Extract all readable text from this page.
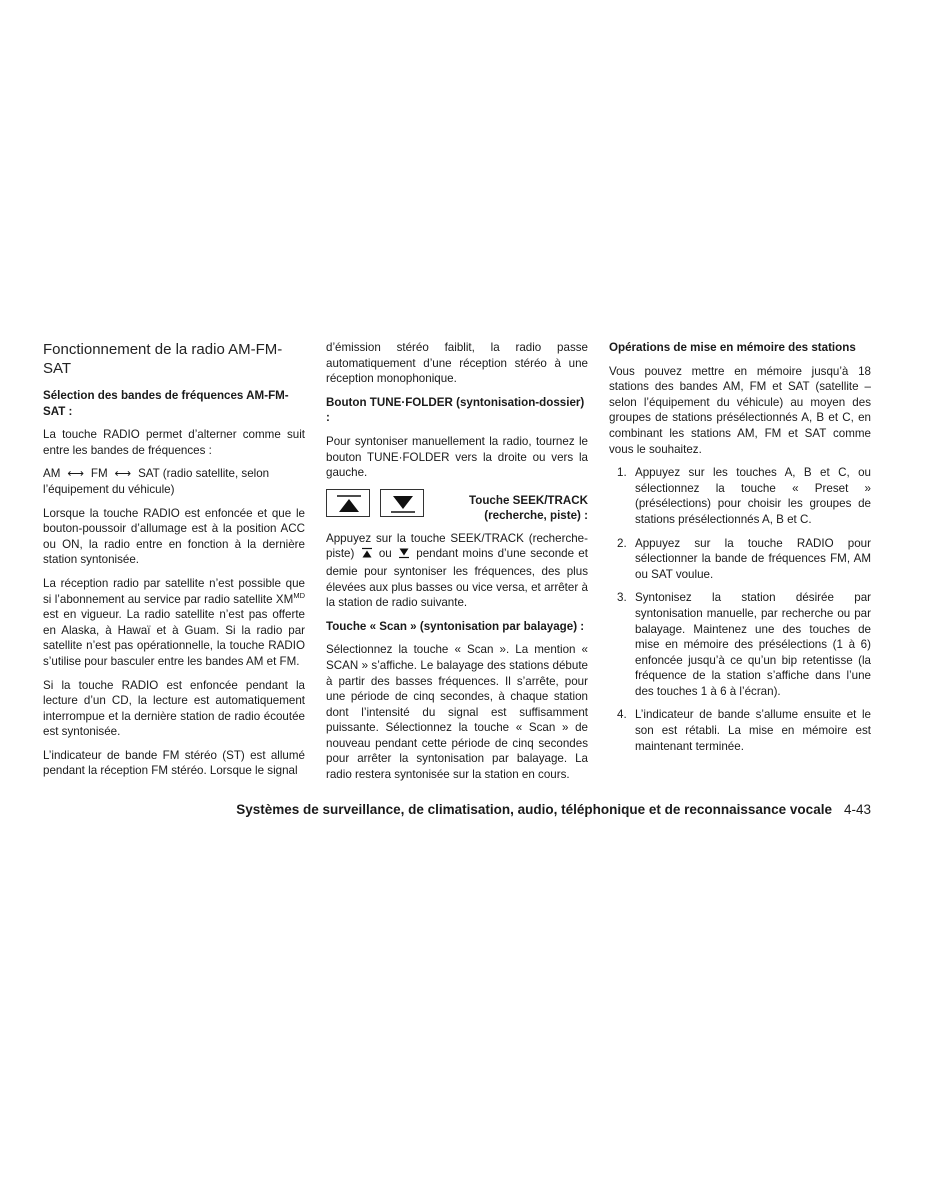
Fonctionnement de la radio AM-FM-SAT
Sélection des bandes de fréquences AM-FM-SAT :

La touche RADIO permet d’alterner comme suit entre les bandes de fréquences :

AM ⟷ FM ⟷ SAT (radio satellite, selon l’équipement du véhicule)

Lorsque la touche RADIO est enfoncée et que le bouton-poussoir d’allumage est à la position ACC ou ON, la radio entre en fonction à la dernière station syntonisée.

La réception radio par satellite n’est possible que si l’abonnement au service par radio satellite $XM^{MD}$ est en vigueur. La radio satellite n’est pas offerte en Alaska, à Hawaï et à Guam. Si la radio par satellite n’est pas opérationnelle, la touche RADIO s’utilise pour basculer entre les bandes AM et FM.

Si la touche RADIO est enfoncée pendant la lecture d’un CD, la lecture est automatiquement interrompue et la dernière station de radio écoutée est syntonisée.

L’indicateur de bande FM stéréo (ST) est allumé pendant la réception FM stéréo. Lorsque le signal

d’émission stéréo faiblit, la radio passe automatiquement d’une réception stéréo à une réception monophonique.

Bouton TUNE·FOLDER (syntonisation-dossier) :

Pour syntoniser manuellement la radio, tournez le bouton TUNE·FOLDER vers la droite ou vers la gauche.

Touche SEEK/TRACK
(recherche, piste) :

Appuyez sur la touche SEEK/TRACK (recherche-piste) ou pendant moins d’une seconde et demie pour syntoniser les fréquences, des plus élevées aux plus basses ou vice versa, et arrêter à la station de radio suivante.

Touche « Scan » (syntonisation par balayage) :

Sélectionnez la touche « Scan ». La mention « SCAN » s’affiche. Le balayage des stations débute à partir des basses fréquences. Il s’arrête, pour une période de cinq secondes, à chaque station dont l’intensité du signal est suffisamment puissante. Sélectionnez la touche « Scan » de nouveau pendant cette période de cinq secondes pour arrêter la syntonisation par balayage. La radio restera syntonisée sur la station en cours.

Opérations de mise en mémoire des stations

Vous pouvez mettre en mémoire jusqu’à 18 stations des bandes AM, FM et SAT (satellite – selon l’équipement du véhicule) au moyen des groupes de stations présélectionnés A, B et C, en combinant les stations AM, FM et SAT comme vous le souhaitez.

1. Appuyez sur les touches A, B et C, ou sélectionnez la touche « Preset » (présélections) pour choisir les groupes de stations présélectionnés A, B et C.
2. Appuyez sur la touche RADIO pour sélectionner la bande de fréquences FM, AM ou SAT voulue.
3. Syntonisez la station désirée par syntonisation manuelle, par recherche ou par balayage. Maintenez une des touches de mise en mémoire des présélections (1 à 6) enfoncée jusqu’à ce qu’un bip retentisse (la fréquence de la station s’affiche dans l’une des touches 1 à 6 à l’écran).
4. L’indicateur de bande s’allume ensuite et le son est rétabli. La mise en mémoire est maintenant terminée.
Systèmes de surveillance, de climatisation, audio, téléphonique et de reconnaissance vocale 4-43
